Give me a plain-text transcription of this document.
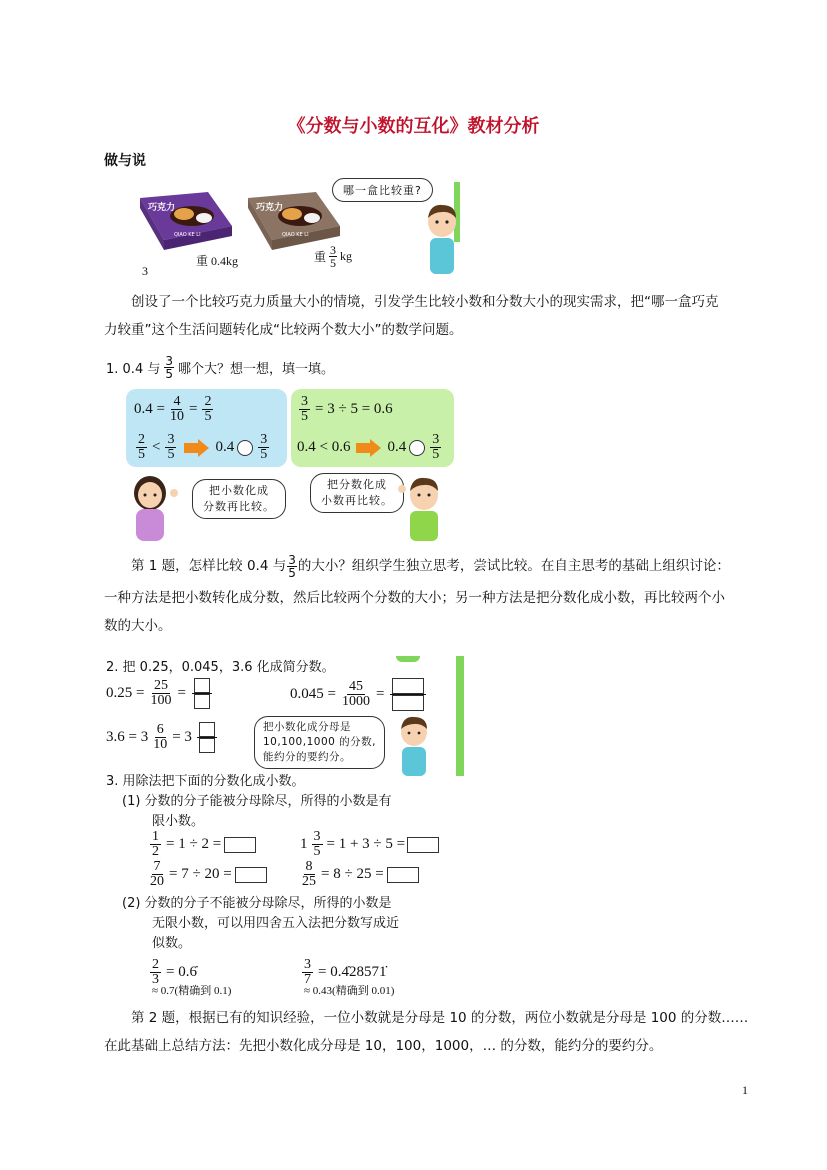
《分数与小数的互化》教材分析
做与说
巧克力
QIAO KE LI
重 0.4kg
巧克力
QIAO KE LI
重 $\frac{3}{5}$ kg
3
哪一盒比较重?
创设了一个比较巧克力质量大小的情境，引发学生比较小数和分数大小的现实需求，把“哪一盒巧克
力较重”这个生活问题转化成“比较两个数大小”的数学问题。
1. 0.4 与 $\frac{3}{5}$ 哪个大？想一想，填一填。
$0.4 = \frac{4}{10} = \frac{2}{5}$
2
5 < 3
5	0.4 3
5
$\frac{3}{5} = 3 \div 5 = 0.6$
0.4 < 0.6 0.4 3
5
把小数化成
分数再比较。
把分数化成
小数再比较。
第 1 题，怎样比较 0.4 与 $\frac{3}{5}$ 的大小？组织学生独立思考，尝试比较。在自主思考的基础上组织讨论：
一种方法是把小数转化成分数，然后比较两个分数的大小；另一种方法是把分数化成小数，再比较两个小
数的大小。
2. 把 0.25，0.045，3.6 化成简分数。
$0.25 = \frac{25}{100}$ =	$0.045 = \frac{45}{1000}$ =
$3.6 = 3 \frac{6}{10} = 3$
把小数化成分母是
10,100,1000 的分数,
能约分的要约分。
3. 用除法把下面的分数化成小数。
(1) 分数的分子能被分母除尽，所得的小数是有
限小数。
$\frac{1}{2} = 1 \div 2$ =	$1 \frac{3}{5} = 1 + 3 \div 5$ =
$\frac{7}{20} = 7 \div 20$ =	$\frac{8}{25} = 8 \div 25$ =
(2) 分数的分子不能被分母除尽，所得的小数是
无限小数，可以用四舍五入法把分数写成近
似数。
$\frac{2}{3}$ = 0.6̇
≈ 0.7(精确到 0.1)
$\frac{3}{7}$ = 0.4̇28571̇
≈ 0.43(精确到 0.01)
第 2 题，根据已有的知识经验，一位小数就是分母是 10 的分数，两位小数就是分母是 100 的分数……
在此基础上总结方法：先把小数化成分母是 10，100，1000，… 的分数，能约分的要约分。
1
